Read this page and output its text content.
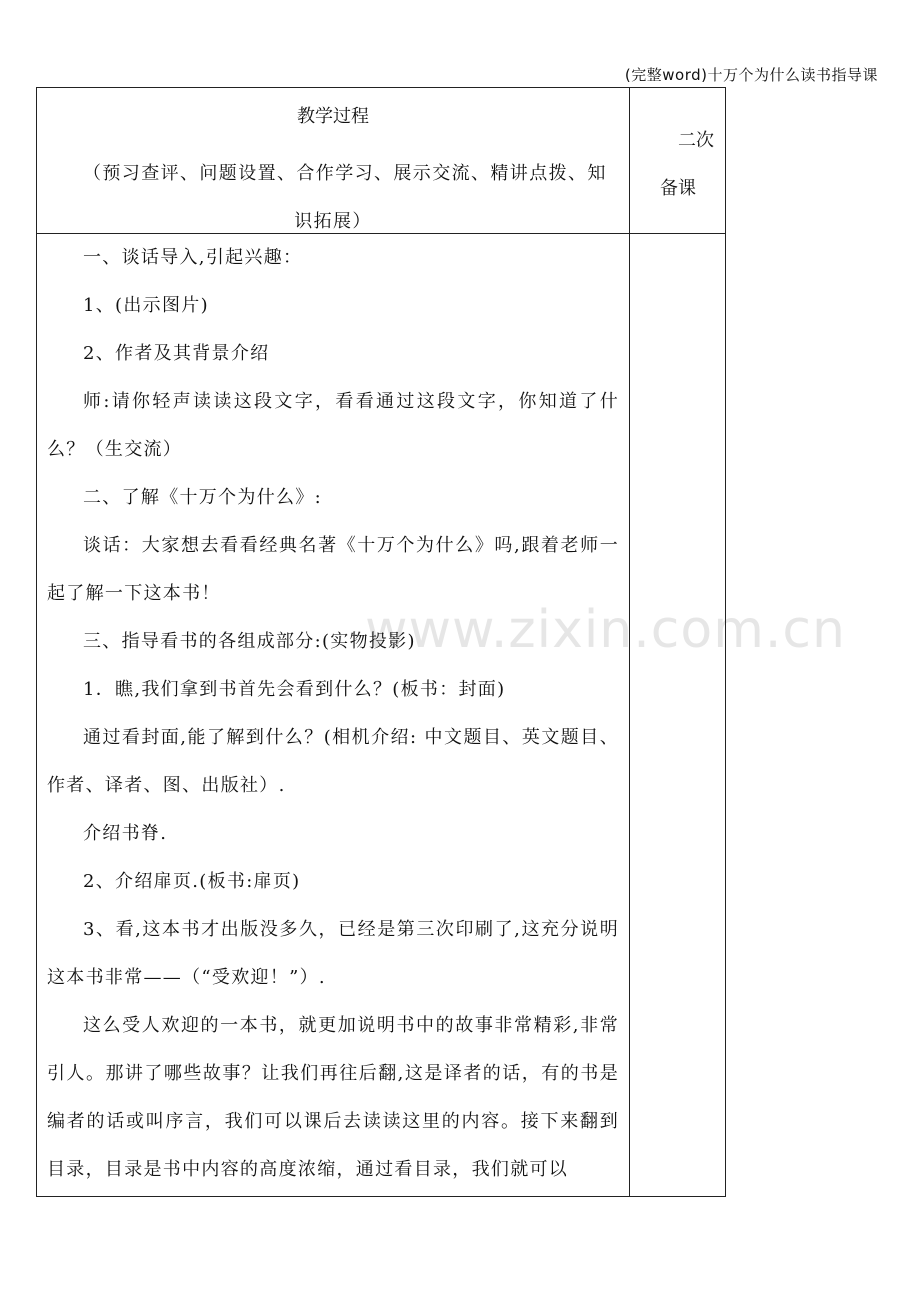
(完整word)十万个为什么读书指导课
www.zixin.com.cn
教学过程
（预习查评、问题设置、合作学习、展示交流、精讲点拨、知
识拓展）
二次
备课

一、谈话导入,引起兴趣：

1、(出示图片)

2、作者及其背景介绍

师:请你轻声读读这段文字，看看通过这段文字，你知道了什么？（生交流）

二、了解《十万个为什么》:

谈话：大家想去看看经典名著《十万个为什么》吗,跟着老师一起了解一下这本书！

三、指导看书的各组成部分:(实物投影)

1．瞧,我们拿到书首先会看到什么？(板书：封面)

通过看封面,能了解到什么？(相机介绍: 中文题目、英文题目、作者、译者、图、出版社）.

介绍书脊.

2、介绍扉页.(板书:扉页)

3、看,这本书才出版没多久，已经是第三次印刷了,这充分说明这本书非常——（“受欢迎！”）.

这么受人欢迎的一本书，就更加说明书中的故事非常精彩,非常引人。那讲了哪些故事？让我们再往后翻,这是译者的话，有的书是编者的话或叫序言，我们可以课后去读读这里的内容。接下来翻到目录，目录是书中内容的高度浓缩，通过看目录，我们就可以
